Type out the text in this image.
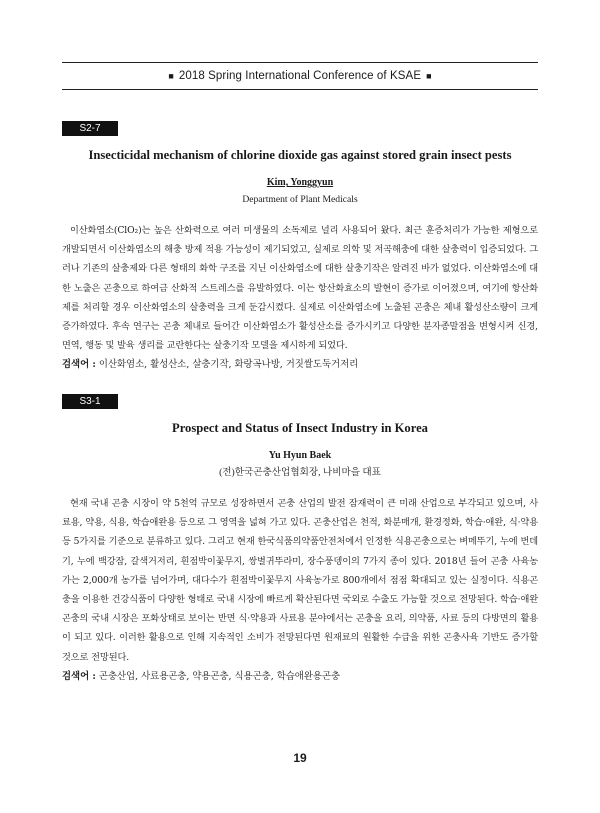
■ 2018 Spring International Conference of KSAE ■
S2-7
Insecticidal mechanism of chlorine dioxide gas against stored grain insect pests
Kim, Yonggyun
Department of Plant Medicals
이산화염소(ClO₂)는 높은 산화력으로 여러 미생물의 소독제로 널리 사용되어 왔다. 최근 훈증처리가 가능한 제형으로 개발되면서 이산화염소의 해충 방제 적용 가능성이 제기되었고, 실제로 의학 및 저곡해충에 대한 살충력이 입증되었다. 그러나 기존의 살충제와 다른 형태의 화학 구조를 지닌 이산화염소에 대한 살충기작은 알려진 바가 없었다. 이산화염소에 대한 노출은 곤충으로 하여금 산화적 스트레스를 유발하였다. 이는 항산화효소의 발현이 증가로 이어졌으며, 여기에 항산화제를 처리할 경우 이산화염소의 살충력을 크게 둔감시켰다. 실제로 이산화염소에 노출된 곤충은 체내 활성산소량이 크게 증가하였다. 후속 연구는 곤충 체내로 들어간 이산화염소가 활성산소를 증가시키고 다양한 분자종말점을 변형시켜 신경, 면역, 행동 및 발육 생리를 교란한다는 살충기작 모델을 제시하게 되었다.
검색어 : 이산화염소, 활성산소, 살충기작, 화랑곡나방, 거짓쌀도둑거저리
S3-1
Prospect and Status of Insect Industry in Korea
Yu Hyun Baek
(전)한국곤충산업협회장, 나비마을 대표
현재 국내 곤충 시장이 약 5천억 규모로 성장하면서 곤충 산업의 발전 잠재력이 큰 미래 산업으로 부각되고 있으며, 사료용, 약용, 식용, 학습애완용 등으로 그 영역을 넓혀 가고 있다. 곤충산업은 천적, 화분매개, 환경정화, 학습·애완, 식·약용 등 5가지를 기준으로 분류하고 있다. 그리고 현재 한국식품의약품안전처에서 인정한 식용곤충으로는 벼메뚜기, 누에 번데기, 누에 백강잠, 갈색거저리, 흰점박이꽃무지, 쌍별귀뚜라미, 장수풍뎅이의 7가지 종이 있다. 2018년 들어 곤충 사육농가는 2,000개 농가를 넘어가며, 대다수가 흰점박이꽃무지 사육농가로 800개에서 점점 확대되고 있는 실정이다. 식용곤충을 이용한 건강식품이 다양한 형태로 국내 시장에 빠르게 확산된다면 국외로 수출도 가능할 것으로 전망된다. 학습·애완곤충의 국내 시장은 포화상태로 보이는 반면 식·약용과 사료용 분야에서는 곤충을 요리, 의약품, 사료 등의 다방면의 활용이 되고 있다. 이러한 활용으로 인해 지속적인 소비가 전망된다면 원재료의 원활한 수급을 위한 곤충사육 기반도 증가할 것으로 전망된다.
검색어 : 곤충산업, 사료용곤충, 약용곤충, 식용곤충, 학습애완용곤충
19
